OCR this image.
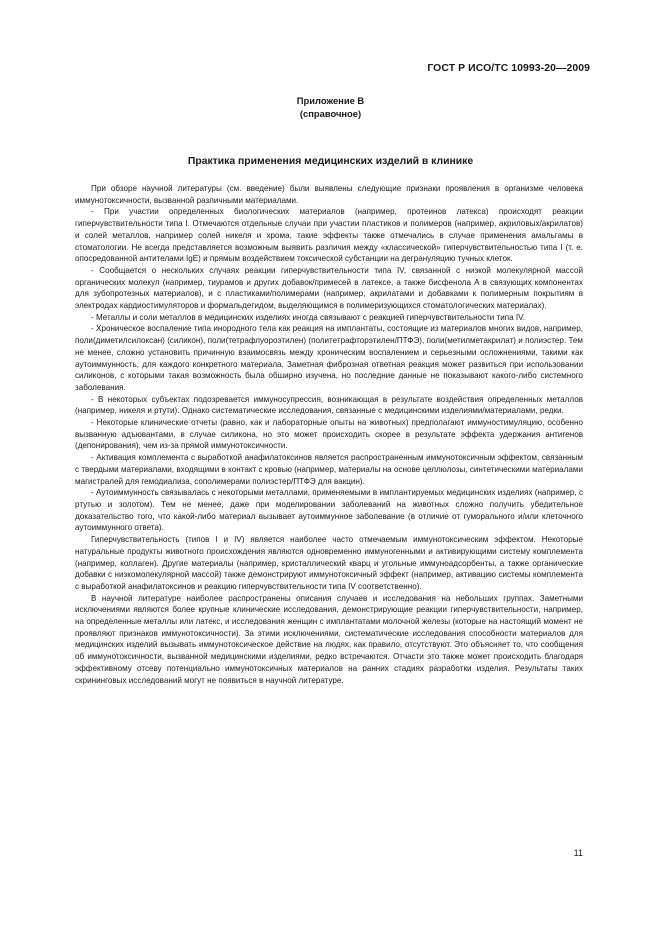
ГОСТ Р ИСО/ТС 10993-20—2009
Приложение В
(справочное)
Практика применения медицинских изделий в клинике

При обзоре научной литературы (см. введение) были выявлены следующие признаки проявления в организме человека иммунотоксичности, вызванной различными материалами.

- При участии определенных биологических материалов (например, протеинов латекса) происходят реакции гиперчувствительности типа I. Отмечаются отдельные случаи при участии пластиков и полимеров (например, акриловых/акрилатов) и солей металлов, например солей никеля и хрома, такие эффекты также отмечались в случае применения амальгамы в стоматологии. Не всегда представляется возможным выявить различия между «классической» гиперчувствительностью типа I (т. е. опосредованной антителами IgE) и прямым воздействием токсической субстанции на дегрануляцию тучных клеток.

- Сообщается о нескольких случаях реакции гиперчувствительности типа IV, связанной с низкой молекулярной массой органических молекул (например, тиурамов и других добавок/примесей в латексе, а также бисфенола А в связующих компонентах для зубопротезных материалов), и с пластиками/полимерами (например, акрилатами и добавками к полимерным покрытиям в электродах кардиостимуляторов и формальдегидом, выделяющимся в полимеризующихся стоматологических материалах).

- Металлы и соли металлов в медицинских изделиях иногда связывают с реакцией гиперчувствительности типа IV.

- Хроническое воспаление типа инородного тела как реакция на имплантаты, состоящие из материалов многих видов, например, поли(диметилсилоксан) (силикон), поли(тетрафлуороэтилен) (политетрафторэтилен/ПТФЭ), поли(метилметакрилат) и полиэстер. Тем не менее, сложно установить причинную взаимосвязь между хроническим воспалением и серьезными осложнениями, такими как аутоиммунность, для каждого конкретного материала. Заметная фиброзная ответная реакция может развиться при использовании силиконов, с которыми такая возможность была обширно изучена, но последние данные не показывают какого-либо системного заболевания.

- В некоторых субъектах подозревается иммуносупрессия, возникающая в результате воздействия определенных металлов (например, никеля и ртути). Однако систематические исследования, связанные с медицинскими изделиями/материалами, редки.

- Некоторые клинические отчеты (равно, как и лабораторные опыты на животных) предполагают иммуностимуляцию, особенно вызванную адъювантами, в случае силикона, но это может происходить скорее в результате эффекта удержания антигенов (депонирования), чем из-за прямой иммунотоксичности.

- Активация комплемента с выработкой анафилатоксинов является распространенным иммунотоксичным эффектом, связанным с твердыми материалами, входящими в контакт с кровью (например, материалы на основе целлюлозы, синтетическими материалами магистралей для гемодиализа, сополимерами полиэстер/ПТФЭ для вакцин).

- Аутоиммунность связывалась с некоторыми металлами, применяемыми в имплантируемых медицинских изделиях (например, с ртутью и золотом). Тем не менее, даже при моделировании заболеваний на животных сложно получить убедительное доказательство того, что какой-либо материал вызывает аутоиммунное заболевание (в отличие от гуморального и/или клеточного аутоиммунного ответа).

Гиперчувствительность (типов I и IV) является наиболее часто отмечаемым иммунотоксическим эффектом. Некоторые натуральные продукты животного происхождения являются одновременно иммуногенными и активирующими систему комплемента (например, коллаген). Другие материалы (например, кристаллический кварц и угольные иммуноадсорбенты, а также органические добавки с низкомолекулярной массой) также демонстрируют иммунотоксичный эффект (например, активацию системы комплемента с выработкой анафилатоксинов и реакцию гиперчувствительности типа IV соответственно).

В научной литературе наиболее распространены описания случаев и исследования на небольших группах. Заметными исключениями являются более крупные клинические исследования, демонстрирующие реакции гиперчувствительности, например, на определенные металлы или латекс, и исследования женщин с имплантатами молочной железы (которые на настоящий момент не проявляют признаков иммунотоксичности). За этими исключениями, систематические исследования способности материалов для медицинских изделий вызывать иммунотоксическое действие на людях, как правило, отсутствуют. Это объясняет то, что сообщения об иммунотоксичности, вызванной медицинскими изделиями, редко встречаются. Отчасти это также может происходить благодаря эффективному отсеву потенциально иммунотоксичных материалов на ранних стадиях разработки изделия. Результаты таких скрининговых исследований могут не появиться в научной литературе.

11
